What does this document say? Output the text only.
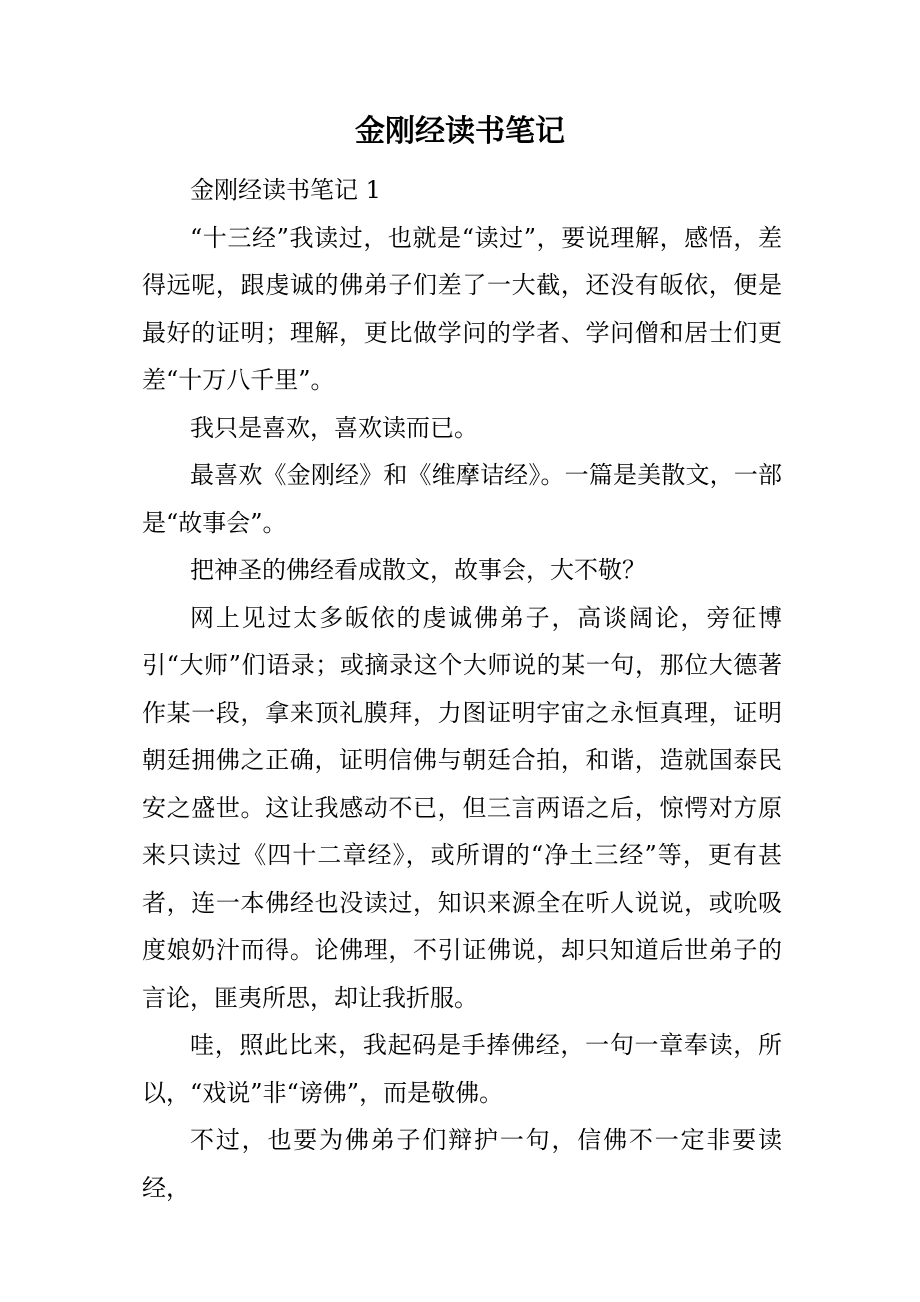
金刚经读书笔记

金刚经读书笔记 1

“十三经”我读过，也就是“读过”，要说理解，感悟，差得远呢，跟虔诚的佛弟子们差了一大截，还没有皈依，便是最好的证明；理解，更比做学问的学者、学问僧和居士们更差“十万八千里”。

我只是喜欢，喜欢读而已。

最喜欢《金刚经》和《维摩诘经》。一篇是美散文，一部是“故事会”。

把神圣的佛经看成散文，故事会，大不敬？

网上见过太多皈依的虔诚佛弟子，高谈阔论，旁征博引“大师”们语录；或摘录这个大师说的某一句，那位大德著作某一段，拿来顶礼膜拜，力图证明宇宙之永恒真理，证明朝廷拥佛之正确，证明信佛与朝廷合拍，和谐，造就国泰民安之盛世。这让我感动不已，但三言两语之后，惊愕对方原来只读过《四十二章经》，或所谓的“净土三经”等，更有甚者，连一本佛经也没读过，知识来源全在听人说说，或吮吸度娘奶汁而得。论佛理，不引证佛说，却只知道后世弟子的言论，匪夷所思，却让我折服。

哇，照此比来，我起码是手捧佛经，一句一章奉读，所以，“戏说”非“谤佛”，而是敬佛。

不过，也要为佛弟子们辩护一句，信佛不一定非要读经，
